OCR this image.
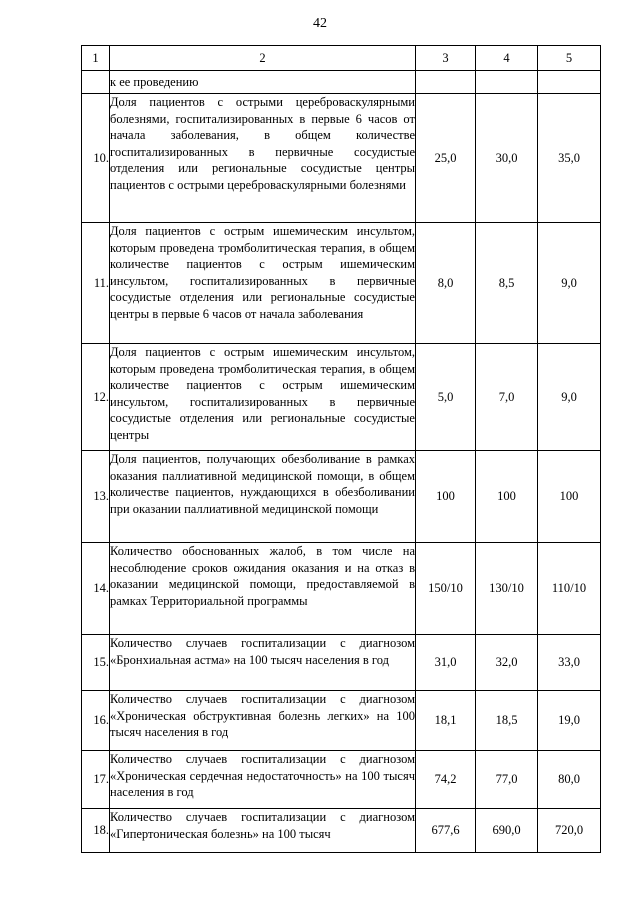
42
1	2	3	4	5
	к ее проведению			
10.	Доля пациентов с острыми цереброваскулярными болезнями, госпитализированных в первые 6 часов от начала заболевания, в общем количестве госпитализированных в первичные сосудистые отделения или региональные сосудистые центры пациентов с острыми цереброваскулярными болезнями	25,0	30,0	35,0
11.	Доля пациентов с острым ишемическим инсультом, которым проведена тромболитическая терапия, в общем количестве пациентов с острым ишемическим инсультом, госпитализированных в первичные сосудистые отделения или региональные сосудистые центры в первые 6 часов от начала заболевания	8,0	8,5	9,0
12.	Доля пациентов с острым ишемическим инсультом, которым проведена тромболитическая терапия, в общем количестве пациентов с острым ишемическим инсультом, госпитализированных в первичные сосудистые отделения или региональные сосудистые центры	5,0	7,0	9,0
13.	Доля пациентов, получающих обезболивание в рамках оказания паллиативной медицинской помощи, в общем количестве пациентов, нуждающихся в обезболивании при оказании паллиативной медицинской помощи	100	100	100
14.	Количество обоснованных жалоб, в том числе на несоблюдение сроков ожидания оказания и на отказ в оказании медицинской помощи, предоставляемой в рамках Территориальной программы	150/10	130/10	110/10
15.	Количество случаев госпитализации с диагнозом «Бронхиальная астма» на 100 тысяч населения в год	31,0	32,0	33,0
16.	Количество случаев госпитализации с диагнозом «Хроническая обструктивная болезнь легких» на 100 тысяч населения в год	18,1	18,5	19,0
17.	Количество случаев госпитализации с диагнозом «Хроническая сердечная недостаточность» на 100 тысяч населения в год	74,2	77,0	80,0
18.	Количество случаев госпитализации с диагнозом «Гипертоническая болезнь» на 100 тысяч	677,6	690,0	720,0
